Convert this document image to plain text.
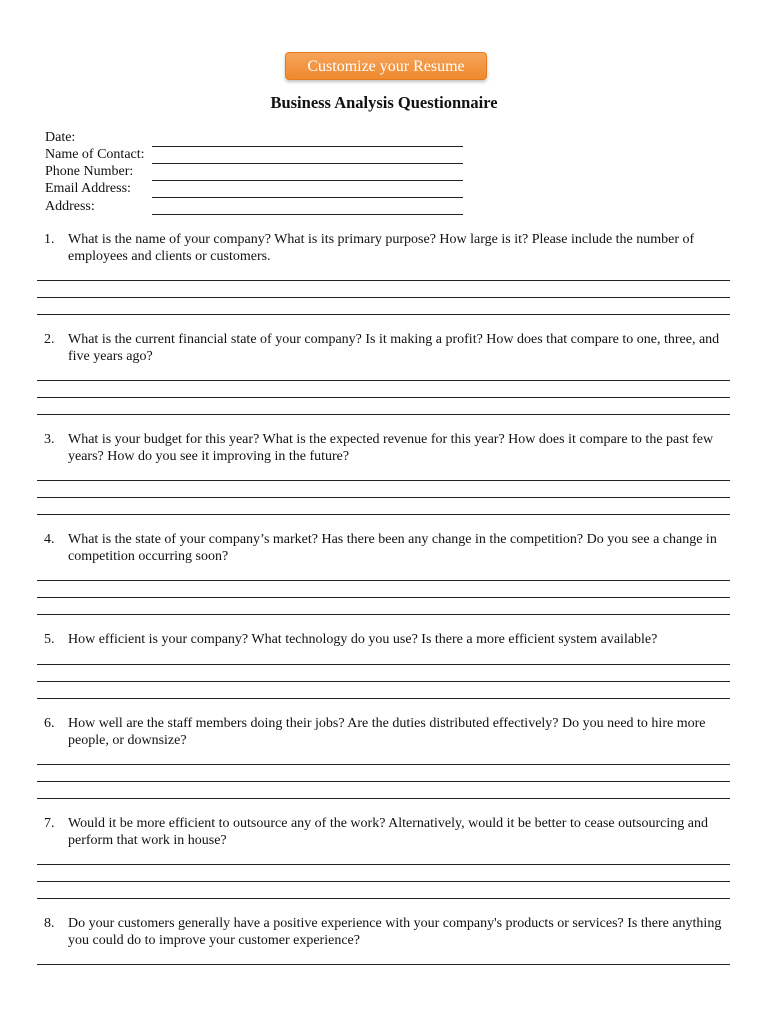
Customize your Resume
Business Analysis Questionnaire
Date:
Name of Contact:
Phone Number:
Email Address:
Address:
1. What is the name of your company? What is its primary purpose? How large is it? Please include the number of employees and clients or customers.
2. What is the current financial state of your company? Is it making a profit? How does that compare to one, three, and five years ago?
3. What is your budget for this year? What is the expected revenue for this year? How does it compare to the past few years? How do you see it improving in the future?
4. What is the state of your company’s market? Has there been any change in the competition? Do you see a change in competition occurring soon?
5. How efficient is your company? What technology do you use? Is there a more efficient system available?
6. How well are the staff members doing their jobs? Are the duties distributed effectively? Do you need to hire more people, or downsize?
7. Would it be more efficient to outsource any of the work? Alternatively, would it be better to cease outsourcing and perform that work in house?
8. Do your customers generally have a positive experience with your company's products or services? Is there anything you could do to improve your customer experience?
